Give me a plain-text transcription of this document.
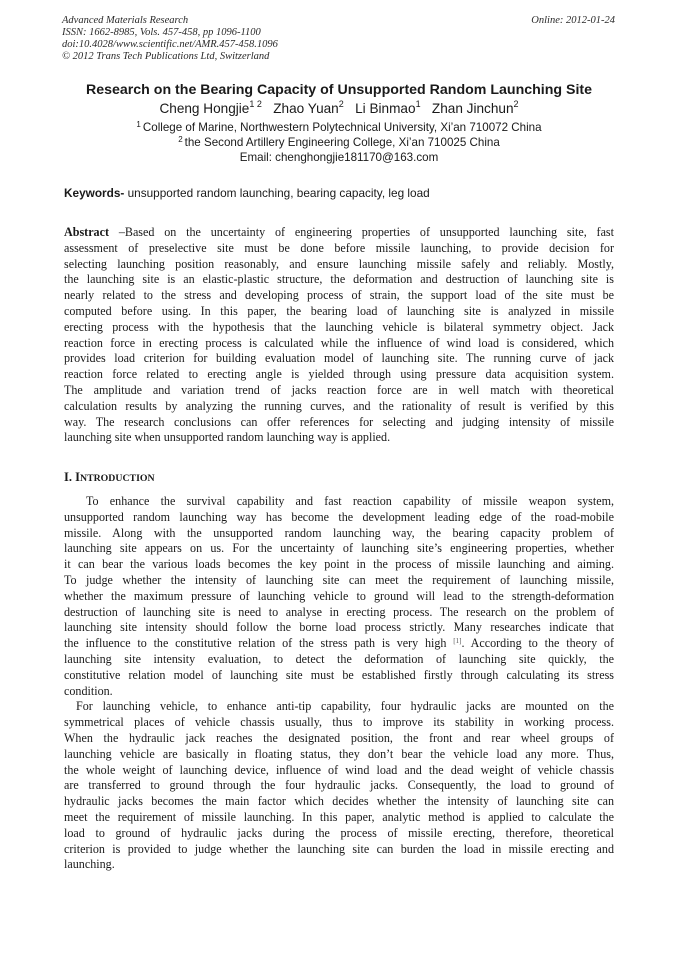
Advanced Materials Research
ISSN: 1662-8985, Vols. 457-458, pp 1096-1100
doi:10.4028/www.scientific.net/AMR.457-458.1096
© 2012 Trans Tech Publications Ltd, Switzerland
Online: 2012-01-24
Research on the Bearing Capacity of Unsupported Random Launching Site
Cheng Hongjie$^{1 2}$ Zhao Yuan$^2$ Li Binmao$^1$ Zhan Jinchun$^2$
$^1$ College of Marine, Northwestern Polytechnical University, Xi’an 710072 China
$^2$ the Second Artillery Engineering College, Xi’an 710025 China
Email: chenghongjie181170@163.com
Keywords- unsupported random launching, bearing capacity, leg load
Abstract –Based on the uncertainty of engineering properties of unsupported launching site, fast
assessment of preselective site must be done before missile launching, to provide decision for
selecting launching position reasonably, and ensure launching missile safely and reliably. Mostly,
the launching site is an elastic-plastic structure, the deformation and destruction of launching site is
nearly related to the stress and developing process of strain, the support load of the site must be
computed before using. In this paper, the bearing load of launching site is analyzed in missile
erecting process with the hypothesis that the launching vehicle is bilateral symmetry object. Jack
reaction force in erecting process is calculated while the influence of wind load is considered, which
provides load criterion for building evaluation model of launching site. The running curve of jack
reaction force related to erecting angle is yielded through using pressure data acquisition system.
The amplitude and variation trend of jacks reaction force are in well match with theoretical
calculation results by analyzing the running curves, and the rationality of result is verified by this
way. The research conclusions can offer references for selecting and judging intensity of missile
launching site when unsupported random launching way is applied.
I. INTRODUCTION
To enhance the survival capability and fast reaction capability of missile weapon system,
unsupported random launching way has become the development leading edge of the road-mobile
missile. Along with the unsupported random launching way, the bearing capacity problem of
launching site appears on us. For the uncertainty of launching site’s engineering properties, whether
it can bear the various loads becomes the key point in the process of missile launching and aiming.
To judge whether the intensity of launching site can meet the requirement of launching missile,
whether the maximum pressure of launching vehicle to ground will lead to the strength-deformation
destruction of launching site is need to analyse in erecting process. The research on the problem of
launching site intensity should follow the borne load process strictly. Many researches indicate that
the influence to the constitutive relation of the stress path is very high [1]. According to the theory of
launching site intensity evaluation, to detect the deformation of launching site quickly, the
constitutive relation model of launching site must be established firstly through calculating its stress
condition.
For launching vehicle, to enhance anti-tip capability, four hydraulic jacks are mounted on the
symmetrical places of vehicle chassis usually, thus to improve its stability in working process.
When the hydraulic jack reaches the designated position, the front and rear wheel groups of
launching vehicle are basically in floating status, they don’t bear the vehicle load any more. Thus,
the whole weight of launching device, influence of wind load and the dead weight of vehicle chassis
are transferred to ground through the four hydraulic jacks. Consequently, the load to ground of
hydraulic jacks becomes the main factor which decides whether the intensity of launching site can
meet the requirement of missile launching. In this paper, analytic method is applied to calculate the
load to ground of hydraulic jacks during the process of missile erecting, therefore, theoretical
criterion is provided to judge whether the launching site can burden the load in missile erecting and
launching.
